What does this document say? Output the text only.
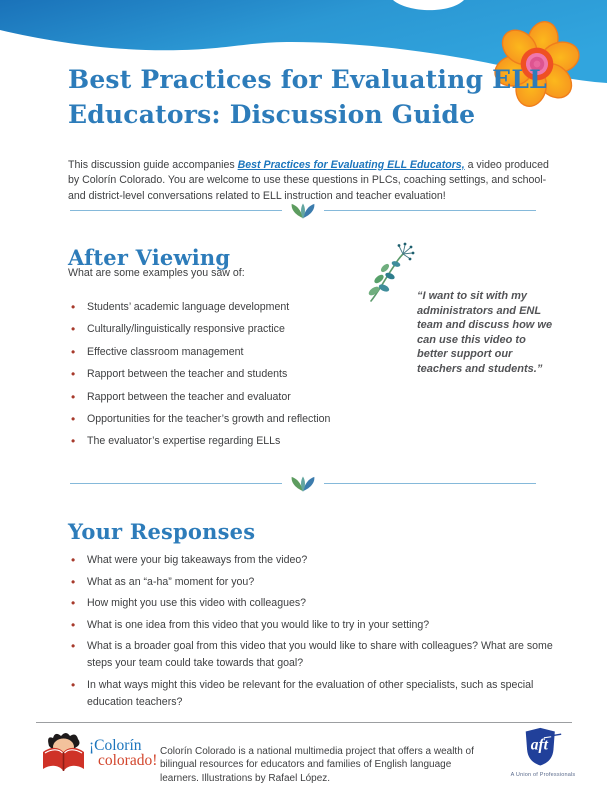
Best Practices for Evaluating ELL
Educators: Discussion Guide

This discussion guide accompanies Best Practices for Evaluating ELL Educators, a video produced by Colorín Colorado. You are welcome to use these questions in PLCs, coaching settings, and school- and district-level conversations related to ELL instruction and teacher evaluation!

After Viewing
What are some examples you saw of:
• Students’ academic language development
• Culturally/linguistically responsive practice
• Effective classroom management
• Rapport between the teacher and students
• Rapport between the teacher and evaluator
• Opportunities for the teacher’s growth and reflection
• The evaluator’s expertise regarding ELLs
“I want to sit with my administrators and ENL team and discuss how we can use this video to better support our teachers and students.”
Your Responses
• What were your big takeaways from the video?
• What as an “a-ha” moment for you?
• How might you use this video with colleagues?
• What is one idea from this video that you would like to try in your setting?
• What is a broader goal from this video that you would like to share with colleagues? What are some steps your team could take towards that goal?
• In what ways might this video be relevant for the evaluation of other specialists, such as special education teachers?
¡Colorín
colorado!

Colorín Colorado is a national multimedia project that offers a wealth of bilingual resources for educators and families of English language learners. Illustrations by Rafael López.

aft
A Union of Professionals
